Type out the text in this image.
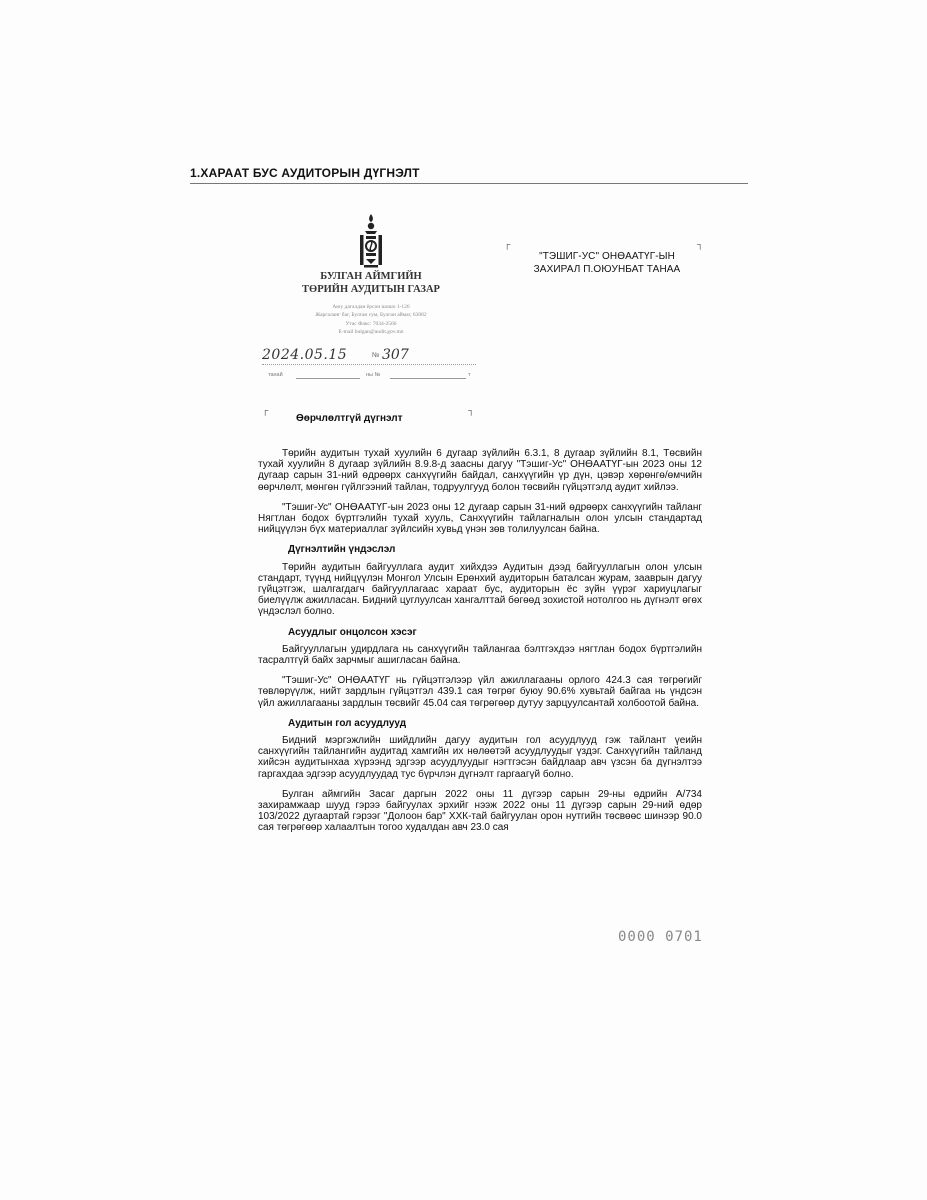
1.ХАРААТ БУС АУДИТОРЫН ДҮГНЭЛТ
БУЛГАН АЙМГИЙН
ТӨРИЙН АУДИТЫН ГАЗАР
Аюу дагалдан ёрсон шошо 1-126
Жаргаланг баг, Булган сум, Булган аймаг, 63082
Утас Факс: 7034-2566
E-mail bulgan@audit.gov.mn
2024.05.15	№ 307
танай	ны №	т
┌	┐
"ТЭШИГ-УС" ОНӨААТҮГ-ЫН
ЗАХИРАЛ П.ОЮУНБАТ ТАНАА
┌	┐
Өөрчлөлтгүй дүгнэлт

Төрийн аудитын тухай хуулийн 6 дугаар зүйлийн 6.3.1, 8 дугаар зүйлийн 8.1, Төсвийн тухай хуулийн 8 дугаар зүйлийн 8.9.8-д заасны дагуу "Тэшиг-Ус" ОНӨААТҮГ-ын 2023 оны 12 дугаар сарын 31-ний өдрөөрх санхүүгийн байдал, санхүүгийн үр дүн, цэвэр хөрөнгө/өмчийн өөрчлөлт, мөнгөн гүйлгээний тайлан, тодруулгууд болон төсвийн гүйцэтгэлд аудит хийлээ.

"Тэшиг-Ус" ОНӨААТҮГ-ын 2023 оны 12 дугаар сарын 31-ний өдрөөрх санхүүгийн тайланг Нягтлан бодох бүртгэлийн тухай хууль, Санхүүгийн тайлагналын олон улсын стандартад нийцүүлэн бүх материаллаг зүйлсийн хувьд үнэн зөв толилуулсан байна.

Дүгнэлтийн үндэслэл

Төрийн аудитын байгууллага аудит хийхдээ Аудитын дээд байгууллагын олон улсын стандарт, түүнд нийцүүлэн Монгол Улсын Ерөнхий аудиторын баталсан журам, зааврын дагуу гүйцэтгэж, шалгагдагч байгууллагаас хараат бус, аудиторын ёс зүйн үүрэг хариуцлагыг биелүүлж ажилласан. Бидний цуглуулсан хангалттай бөгөөд зохистой нотолгоо нь дүгнэлт өгөх үндэслэл болно.

Асуудлыг онцолсон хэсэг

Байгууллагын удирдлага нь санхүүгийн тайлангаа бэлтгэхдээ нягтлан бодох бүртгэлийн тасралтгүй байх зарчмыг ашигласан байна.

"Тэшиг-Ус" ОНӨААТҮГ нь гүйцэтгэлээр үйл ажиллагааны орлого 424.3 сая төгрөгийг төвлөрүүлж, нийт зардлын гүйцэтгэл 439.1 сая төгрөг буюу 90.6% хувьтай байгаа нь үндсэн үйл ажиллагааны зардлын төсвийг 45.04 сая төгрөгөөр дутуу зарцуулсантай холбоотой байна.

Аудитын гол асуудлууд

Бидний мэргэжлийн шийдлийн дагуу аудитын гол асуудлууд гэж тайлант үеийн санхүүгийн тайлангийн аудитад хамгийн их нөлөөтэй асуудлуудыг үздэг. Санхүүгийн тайланд хийсэн аудитынхаа хүрээнд эдгээр асуудлуудыг нэгтгэсэн байдлаар авч үзсэн ба дүгнэлтээ гаргахдаа эдгээр асуудлуудад тус бүрчлэн дүгнэлт гаргаагүй болно.

Булган аймгийн Засаг даргын 2022 оны 11 дүгээр сарын 29-ны өдрийн А/734 захирамжаар шууд гэрээ байгуулах эрхийг нээж 2022 оны 11 дүгээр сарын 29-ний өдөр 103/2022 дугаартай гэрээг "Долоон бар" ХХК-тай байгуулан орон нутгийн төсвөөс шинээр 90.0 сая төгрөгөөр халаалтын тогоо худалдан авч 23.0 сая

0000 0701
